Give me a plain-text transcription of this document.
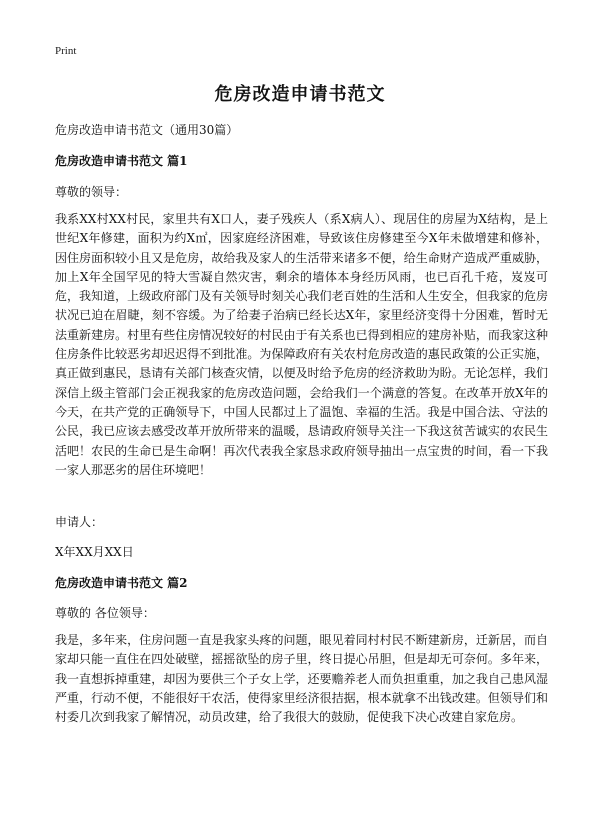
Print
危房改造申请书范文
危房改造申请书范文（通用30篇）
危房改造申请书范文 篇1
尊敬的领导：

我系XX村XX村民，家里共有X口人，妻子残疾人（系X病人）、现居住的房屋为X结构，是上世纪X年修建，面积为约X㎡，因家庭经济困难，导致该住房修建至今X年未做增建和修补，因住房面积较小且又是危房，故给我及家人的生活带来诸多不便，给生命财产造成严重威胁，加上X年全国罕见的特大雪凝自然灾害，剩余的墙体本身经历风雨，也已百孔千疮，岌岌可危，我知道，上级政府部门及有关领导时刻关心我们老百姓的生活和人生安全，但我家的危房状况已迫在眉睫，刻不容缓。为了给妻子治病已经长达X年，家里经济变得十分困难，暂时无法重新建房。村里有些住房情况较好的村民由于有关系也已得到相应的建房补贴，而我家这种住房条件比较恶劣却迟迟得不到批准。为保障政府有关农村危房改造的惠民政策的公正实施，真正做到惠民，恳请有关部门核查灾情，以便及时给予危房的经济救助为盼。无论怎样，我们深信上级主管部门会正视我家的危房改造问题，会给我们一个满意的答复。在改革开放X年的今天，在共产党的正确领导下，中国人民都过上了温饱、幸福的生活。我是中国合法、守法的公民，我已应该去感受改革开放所带来的温暖，恳请政府领导关注一下我这贫苦诚实的农民生活吧！农民的生命已是生命啊！再次代表我全家恳求政府领导抽出一点宝贵的时间，看一下我一家人那恶劣的居住环境吧！

申请人：
X年XX月XX日
危房改造申请书范文 篇2
尊敬的 各位领导：

我是，多年来，住房问题一直是我家头疼的问题，眼见着同村村民不断建新房，迁新居，而自家却只能一直住在四处破壁，摇摇欲坠的房子里，终日提心吊胆，但是却无可奈何。多年来，我一直想拆掉重建，却因为要供三个子女上学，还要赡养老人而负担重重，加之我自己患风湿严重，行动不便，不能很好干农活，使得家里经济很拮据，根本就拿不出钱改建。但领导们和村委几次到我家了解情况，动员改建，给了我很大的鼓励，促使我下决心改建自家危房。
